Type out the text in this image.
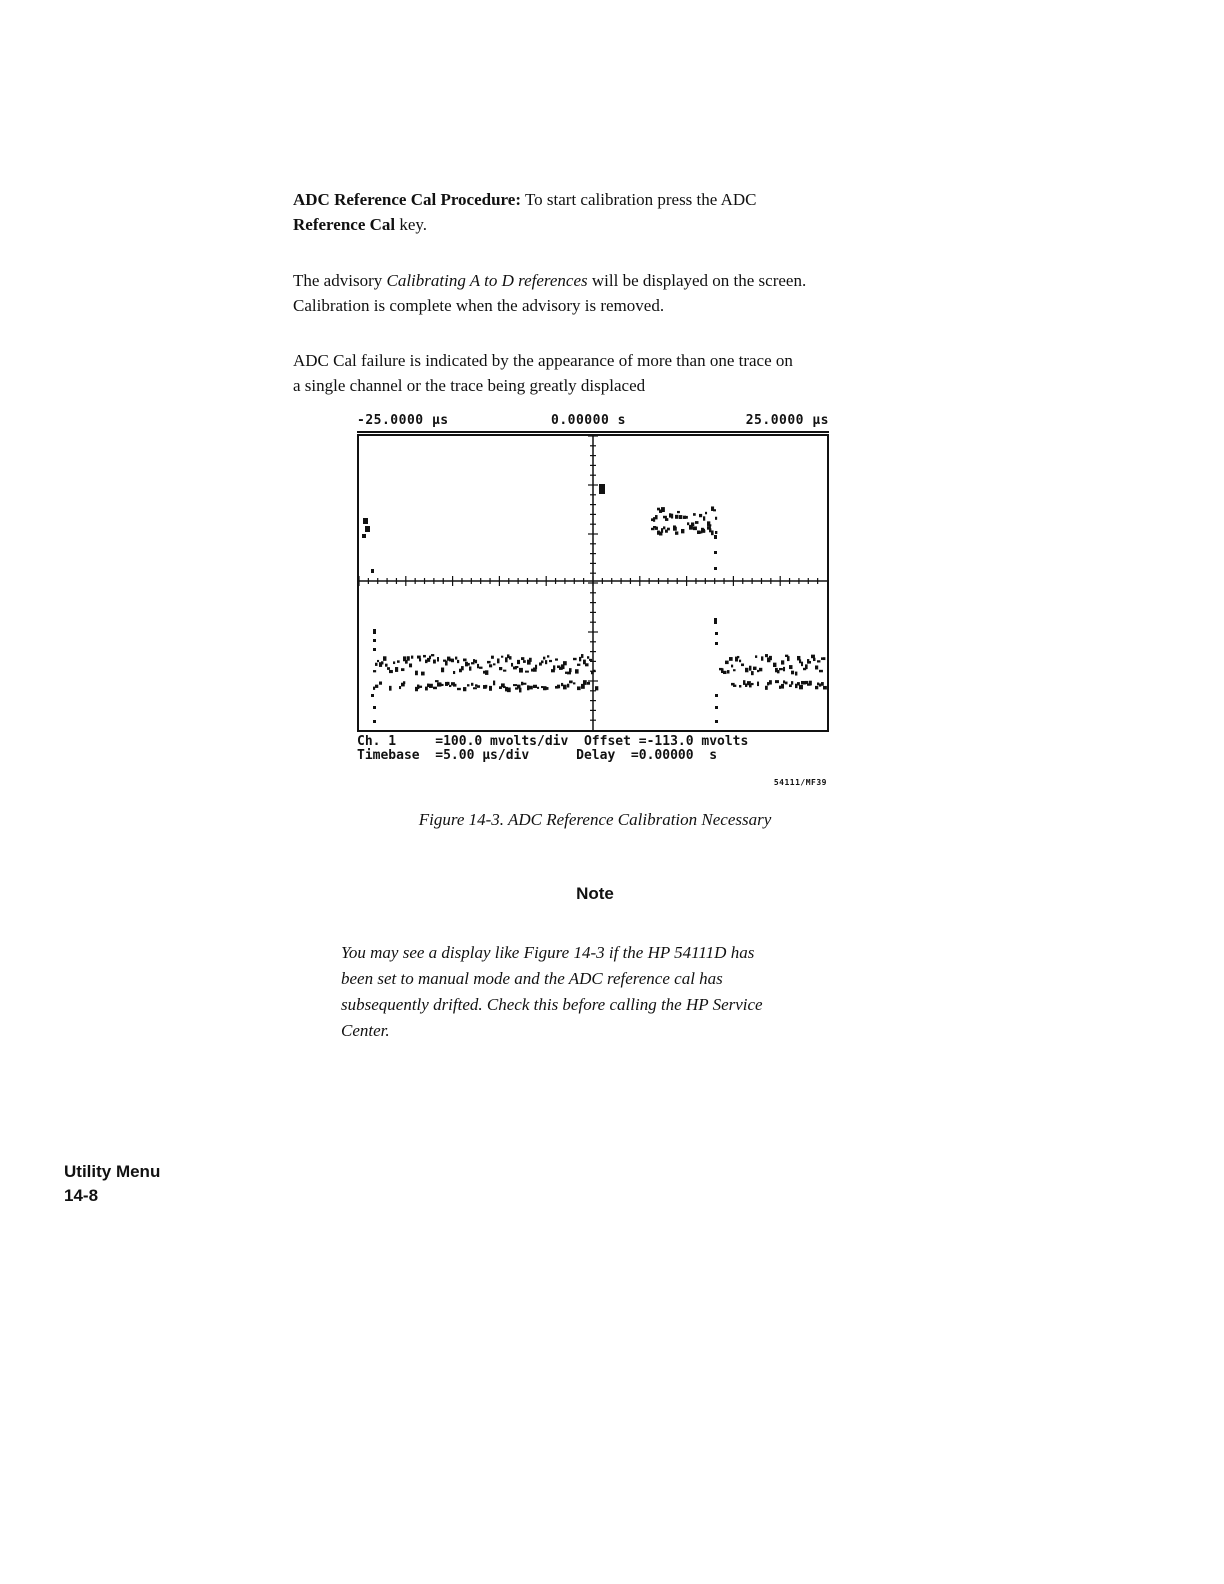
ADC Reference Cal Procedure: To start calibration press the ADC
Reference Cal key.
The advisory Calibrating A to D references will be displayed on the screen.
Calibration is complete when the advisory is removed.
ADC Cal failure is indicated by the appearance of more than one trace on
a single channel or the trace being greatly displaced
-25.0000 µs	0.00000 s	25.0000 µs
Ch. 1     =100.0 mvolts/div  Offset =-113.0 mvolts
Timebase  =5.00 µs/div      Delay  =0.00000  s
54111/MF39
Figure 14-3. ADC Reference Calibration Necessary
Note
You may see a display like Figure 14-3 if the HP 54111D has
been set to manual mode and the ADC reference cal has
subsequently drifted. Check this before calling the HP Service
Center.
Utility Menu
14-8
